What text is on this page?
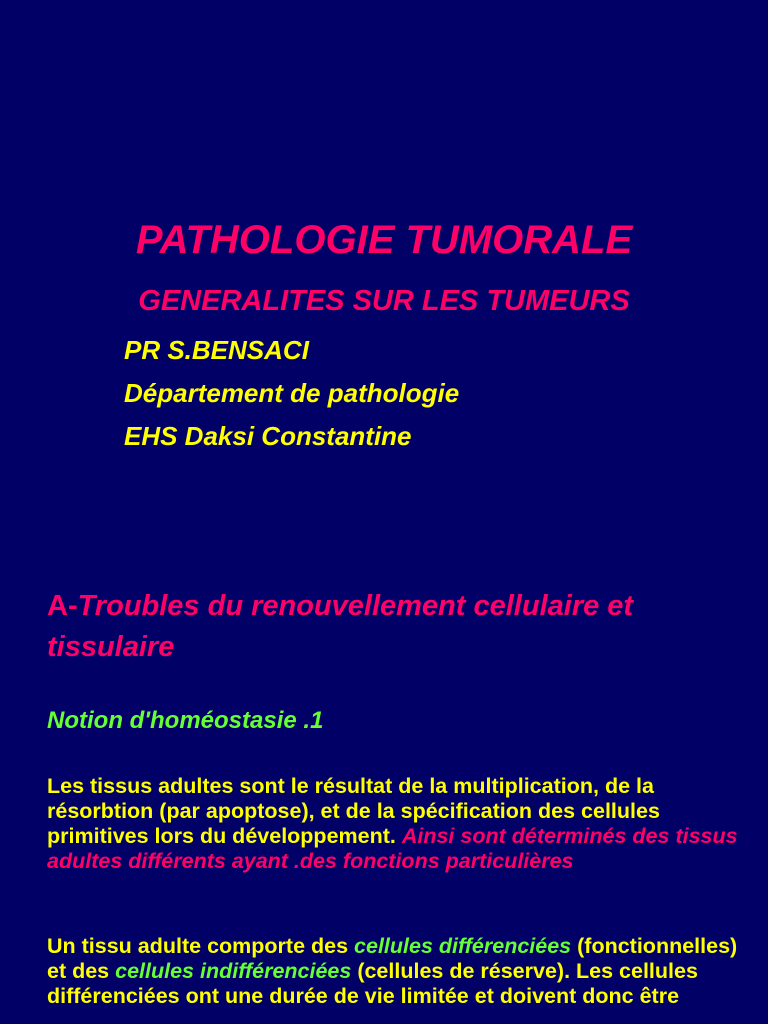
PATHOLOGIE TUMORALE
GENERALITES SUR LES TUMEURS
PR S.BENSACI
Département de pathologie
EHS Daksi Constantine
A-Troubles du renouvellement cellulaire et tissulaire
Notion d'homéostasie .1
Les tissus adultes sont le résultat de la multiplication, de la résorbtion (par apoptose), et de la spécification des cellules primitives lors du développement. Ainsi sont déterminés des tissus adultes différents ayant .des fonctions particulières
Un tissu adulte comporte des cellules différenciées (fonctionnelles) et des cellules indifférenciées (cellules de réserve). Les cellules différenciées ont une durée de vie limitée et doivent donc être
